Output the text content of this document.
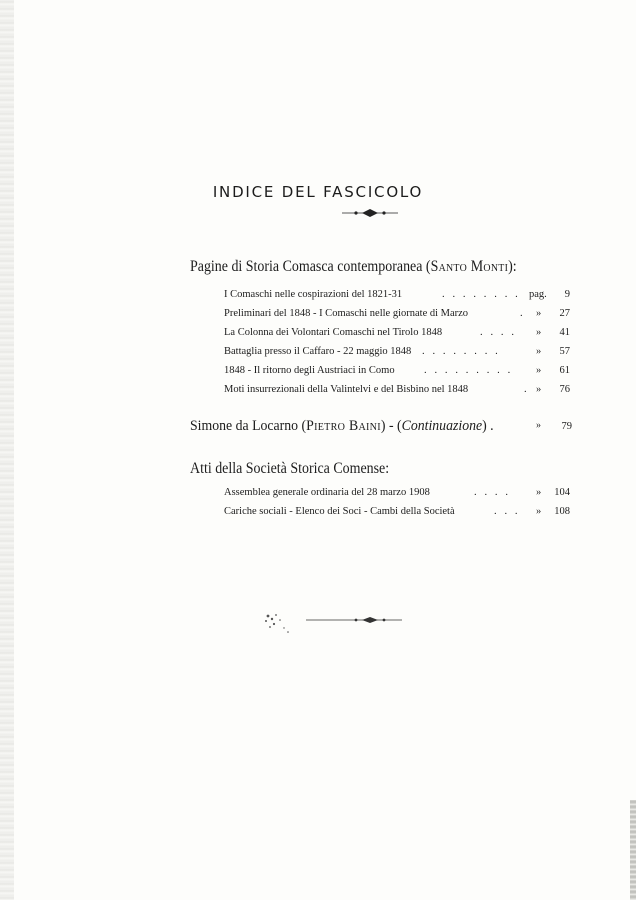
INDICE DEL FASCICOLO
Pagine di Storia Comasca contemporanea (Santo Monti):
I Comaschi nelle cospirazioni del 1821-31	. . . . . . . . pag. 9
Preliminari del 1848 - I Comaschi nelle giornate di Marzo	. » 27
La Colonna dei Volontari Comaschi nel Tirolo 1848	. . . . » 41
Battaglia presso il Caffaro - 22 maggio 1848 . . . . . . . .	» 57
1848 - Il ritorno degli Austriaci in Como	. . . . . . . . . » 61
Moti insurrezionali della Valintelvi e del Bisbino nel 1848	. » 76
Simone da Locarno (Pietro Baini) - (Continuazione) .	» 79
Atti della Società Storica Comense:
Assemblea generale ordinaria del 28 marzo 1908	. . . . » 104
Cariche sociali - Elenco dei Soci - Cambi della Società	. . . » 108
